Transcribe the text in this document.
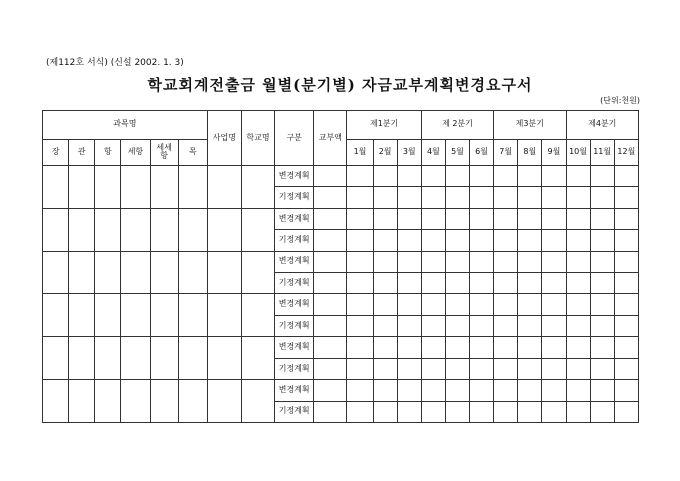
(제112호 서식) (신설 2002. 1. 3)
학교회계전출금 월별(분기별) 자금교부계획변경요구서
(단위:천원)
과목명						사업명	학교명	구분	교부액	제1분기			제 2분기			제3분기			제4분기		
장	관	항	세항	세세항	목					1월	2월	3월	4월	5월	6월	7월	8월	9월	10월	11월	12월
								변경계획													
								기정계획													
								변경계획													
								기정계획													
								변경계획													
								기정계획													
								변경계획													
								기정계획													
								변경계획													
								기정계획													
								변경계획													
								기정계획													
